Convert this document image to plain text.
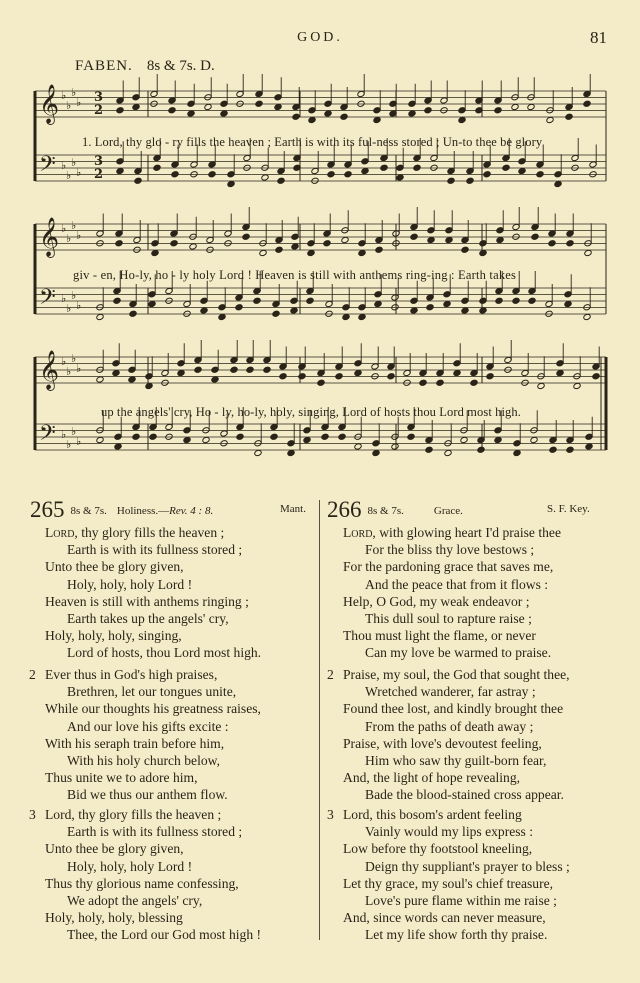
GOD.	81
FABEN. 8s & 7s. D.
𝄞 ♭
♭
♭
♭
𝄢 ♭
♭
♭
♭
𝄞 ♭
♭
♭
♭
𝄢 ♭
♭
♭
♭
𝄞 ♭
♭
♭
♭
𝄢 ♭
♭
♭
♭
3
2
3
2
1. Lord, thy glo - ry fills the heaven ; Earth is with its ful-ness stored ; Un-to thee be glory
giv - en, Ho-ly, ho - ly holy Lord ! Heaven is still with anthems ring-ing : Earth takes
up the angels' cry, Ho - ly, ho-ly, holy, singing, Lord of hosts thou Lord most high.
265 8s & 7s. Holiness.—Rev. 4 : 8.	Mant. 266 8s & 7s.	Grace.	S. F. Key.
Lord, thy glory fills the heaven ;
Earth is with its fullness stored ;
Unto thee be glory given,
Holy, holy, holy Lord !
Heaven is still with anthems ringing ;
Earth takes up the angels' cry,
Holy, holy, holy, singing,
Lord of hosts, thou Lord most high.
2 Ever thus in God's high praises,
Brethren, let our tongues unite,
While our thoughts his greatness raises,
And our love his gifts excite :
With his seraph train before him,
With his holy church below,
Thus unite we to adore him,
Bid we thus our anthem flow.
3 Lord, thy glory fills the heaven ;
Earth is with its fullness stored ;
Unto thee be glory given,
Holy, holy, holy Lord !
Thus thy glorious name confessing,
We adopt the angels' cry,
Holy, holy, holy, blessing
Thee, the Lord our God most high !
Lord, with glowing heart I'd praise thee
For the bliss thy love bestows ;
For the pardoning grace that saves me,
And the peace that from it flows :
Help, O God, my weak endeavor ;
This dull soul to rapture raise ;
Thou must light the flame, or never
Can my love be warmed to praise.
2 Praise, my soul, the God that sought thee,
Wretched wanderer, far astray ;
Found thee lost, and kindly brought thee
From the paths of death away ;
Praise, with love's devoutest feeling,
Him who saw thy guilt-born fear,
And, the light of hope revealing,
Bade the blood-stained cross appear.
3 Lord, this bosom's ardent feeling
Vainly would my lips express :
Low before thy footstool kneeling,
Deign thy suppliant's prayer to bless ;
Let thy grace, my soul's chief treasure,
Love's pure flame within me raise ;
And, since words can never measure,
Let my life show forth thy praise.
